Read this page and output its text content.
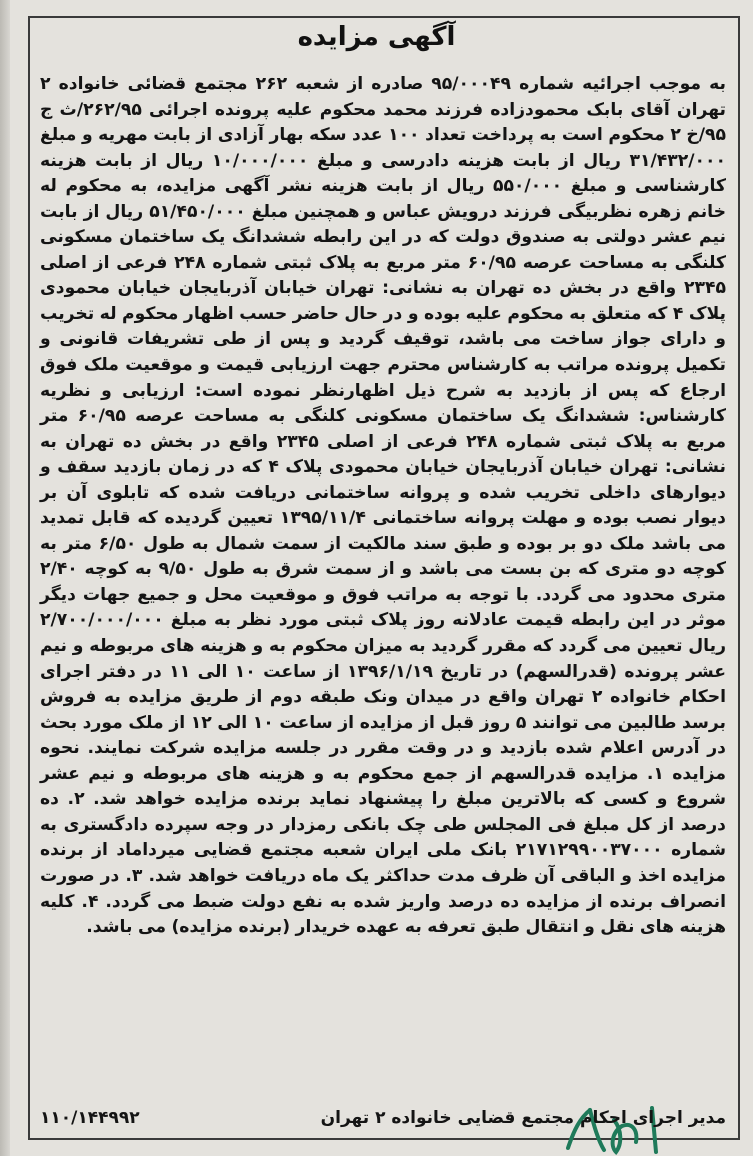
آگهی مزایده
به موجب اجرائیه شماره ۹۵/۰۰۰۴۹ صادره از شعبه ۲۶۲ مجتمع قضائی خانواده ۲ تهران آقای بابک محمودزاده فرزند محمد محکوم علیه پرونده اجرائی ۲۶۲/۹۵/ث ج ۹۵/خ ۲ محکوم است به پرداخت تعداد ۱۰۰ عدد سکه بهار آزادی از بابت مهریه و مبلغ ۳۱/۴۳۲/۰۰۰ ریال از بابت هزینه دادرسی و مبلغ ۱۰/۰۰۰/۰۰۰ ریال از بابت هزینه کارشناسی و مبلغ ۵۵۰/۰۰۰ ریال از بابت هزینه نشر آگهی مزایده، به محکوم له خانم زهره نظربیگی فرزند درویش عباس و همچنین مبلغ ۵۱/۴۵۰/۰۰۰ ریال از بابت نیم عشر دولتی به صندوق دولت که در این رابطه ششدانگ یک ساختمان مسکونی کلنگی به مساحت عرصه ۶۰/۹۵ متر مربع به پلاک ثبتی شماره ۲۴۸ فرعی از اصلی ۲۳۴۵ واقع در بخش ده تهران به نشانی: تهران خیابان آذربایجان خیابان محمودی پلاک ۴ که متعلق به محکوم علیه بوده و در حال حاضر حسب اظهار محکوم له تخریب و دارای جواز ساخت می باشد، توقیف گردید و پس از طی تشریفات قانونی و تکمیل پرونده مراتب به کارشناس محترم جهت ارزیابی قیمت و موقعیت ملک فوق ارجاع که پس از بازدید به شرح ذیل اظهارنظر نموده است: ارزیابی و نظریه کارشناس: ششدانگ یک ساختمان مسکونی کلنگی به مساحت عرصه ۶۰/۹۵ متر مربع به پلاک ثبتی شماره ۲۴۸ فرعی از اصلی ۲۳۴۵ واقع در بخش ده تهران به نشانی: تهران خیابان آذربایجان خیابان محمودی پلاک ۴ که در زمان بازدید سقف و دیوارهای داخلی تخریب شده و پروانه ساختمانی دریافت شده که تابلوی آن بر دیوار نصب بوده و مهلت پروانه ساختمانی ۱۳۹۵/۱۱/۴ تعیین گردیده که قابل تمدید می باشد ملک دو بر بوده و طبق سند مالکیت از سمت شمال به طول ۶/۵۰ متر به کوچه دو متری که بن بست می باشد و از سمت شرق به طول ۹/۵۰ به کوچه ۲/۴۰ متری محدود می گردد. با توجه به مراتب فوق و موقعیت محل و جمیع جهات دیگر موثر در این رابطه قیمت عادلانه روز پلاک ثبتی مورد نظر به مبلغ ۲/۷۰۰/۰۰۰/۰۰۰ ریال تعیین می گردد که مقرر گردید به میزان محکوم به و هزینه های مربوطه و نیم عشر پرونده (قدرالسهم) در تاریخ ۱۳۹۶/۱/۱۹ از ساعت ۱۰ الی ۱۱ در دفتر اجرای احکام خانواده ۲ تهران واقع در میدان ونک طبقه دوم از طریق مزایده به فروش برسد طالبین می توانند ۵ روز قبل از مزایده از ساعت ۱۰ الی ۱۲ از ملک مورد بحث در آدرس اعلام شده بازدید و در وقت مقرر در جلسه مزایده شرکت نمایند. نحوه مزایده ۱. مزایده قدرالسهم از جمع محکوم به و هزینه های مربوطه و نیم عشر شروع و کسی که بالاترین مبلغ را پیشنهاد نماید برنده مزایده خواهد شد. ۲. ده درصد از کل مبلغ فی المجلس طی چک بانکی رمزدار در وجه سپرده دادگستری به شماره ۲۱۷۱۲۹۹۰۰۳۷۰۰۰ بانک ملی ایران شعبه مجتمع قضایی میرداماد از برنده مزایده اخذ و الباقی آن ظرف مدت حداکثر یک ماه دریافت خواهد شد. ۳. در صورت انصراف برنده از مزایده ده درصد واریز شده به نفع دولت ضبط می گردد. ۴. کلیه هزینه های نقل و انتقال طبق تعرفه به عهده خریدار (برنده مزایده) می باشد.
مدیر اجرای احکام مجتمع قضایی خانواده ۲ تهران
۱۱۰/۱۴۴۹۹۲
